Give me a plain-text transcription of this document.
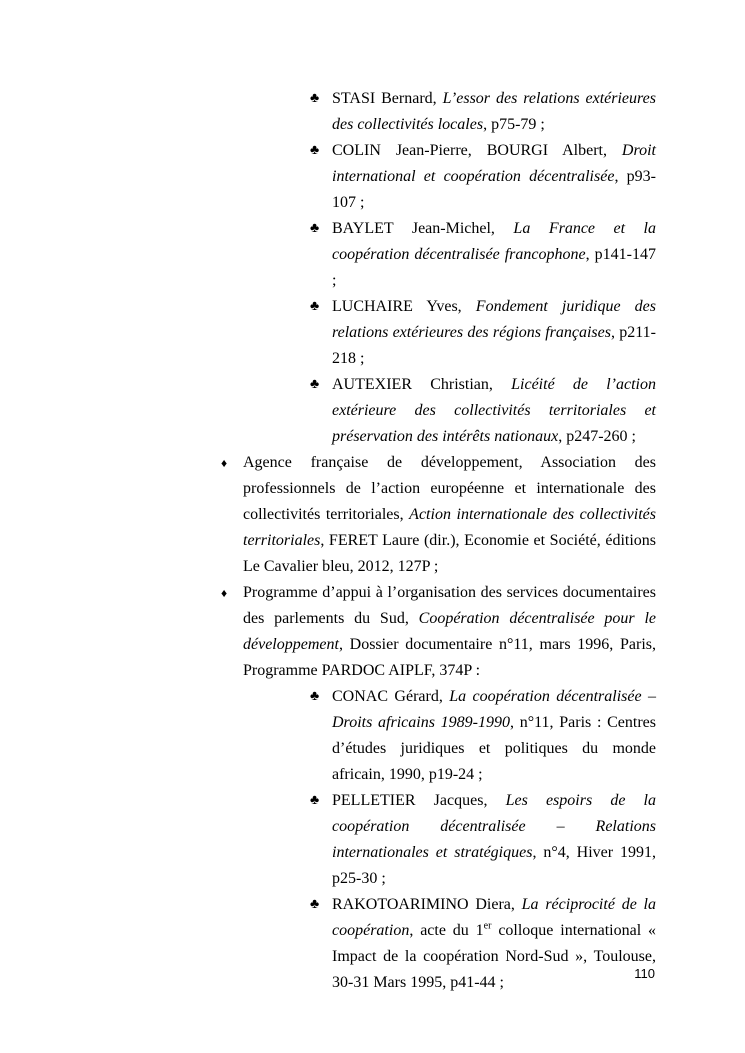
♣ STASI Bernard, L’essor des relations extérieures des collectivités locales, p75-79 ;
♣ COLIN Jean-Pierre, BOURGI Albert, Droit international et coopération décentralisée, p93-107 ;
♣ BAYLET Jean-Michel, La France et la coopération décentralisée francophone, p141-147 ;
♣ LUCHAIRE Yves, Fondement juridique des relations extérieures des régions françaises, p211-218 ;
♣ AUTEXIER Christian, Licéité de l’action extérieure des collectivités territoriales et préservation des intérêts nationaux, p247-260 ;
♦ Agence française de développement, Association des professionnels de l’action européenne et internationale des collectivités territoriales, Action internationale des collectivités territoriales, FERET Laure (dir.), Economie et Société, éditions Le Cavalier bleu, 2012, 127P ;
♦ Programme d’appui à l’organisation des services documentaires des parlements du Sud, Coopération décentralisée pour le développement, Dossier documentaire n°11, mars 1996, Paris, Programme PARDOC AIPLF, 374P :
♣ CONAC Gérard, La coopération décentralisée – Droits africains 1989-1990, n°11, Paris : Centres d’études juridiques et politiques du monde africain, 1990, p19-24 ;
♣ PELLETIER Jacques, Les espoirs de la coopération décentralisée – Relations internationales et stratégiques, n°4, Hiver 1991, p25-30 ;
♣ RAKOTOARIMINO Diera, La réciprocité de la coopération, acte du 1er colloque international « Impact de la coopération Nord-Sud », Toulouse, 30-31 Mars 1995, p41-44 ;
110
